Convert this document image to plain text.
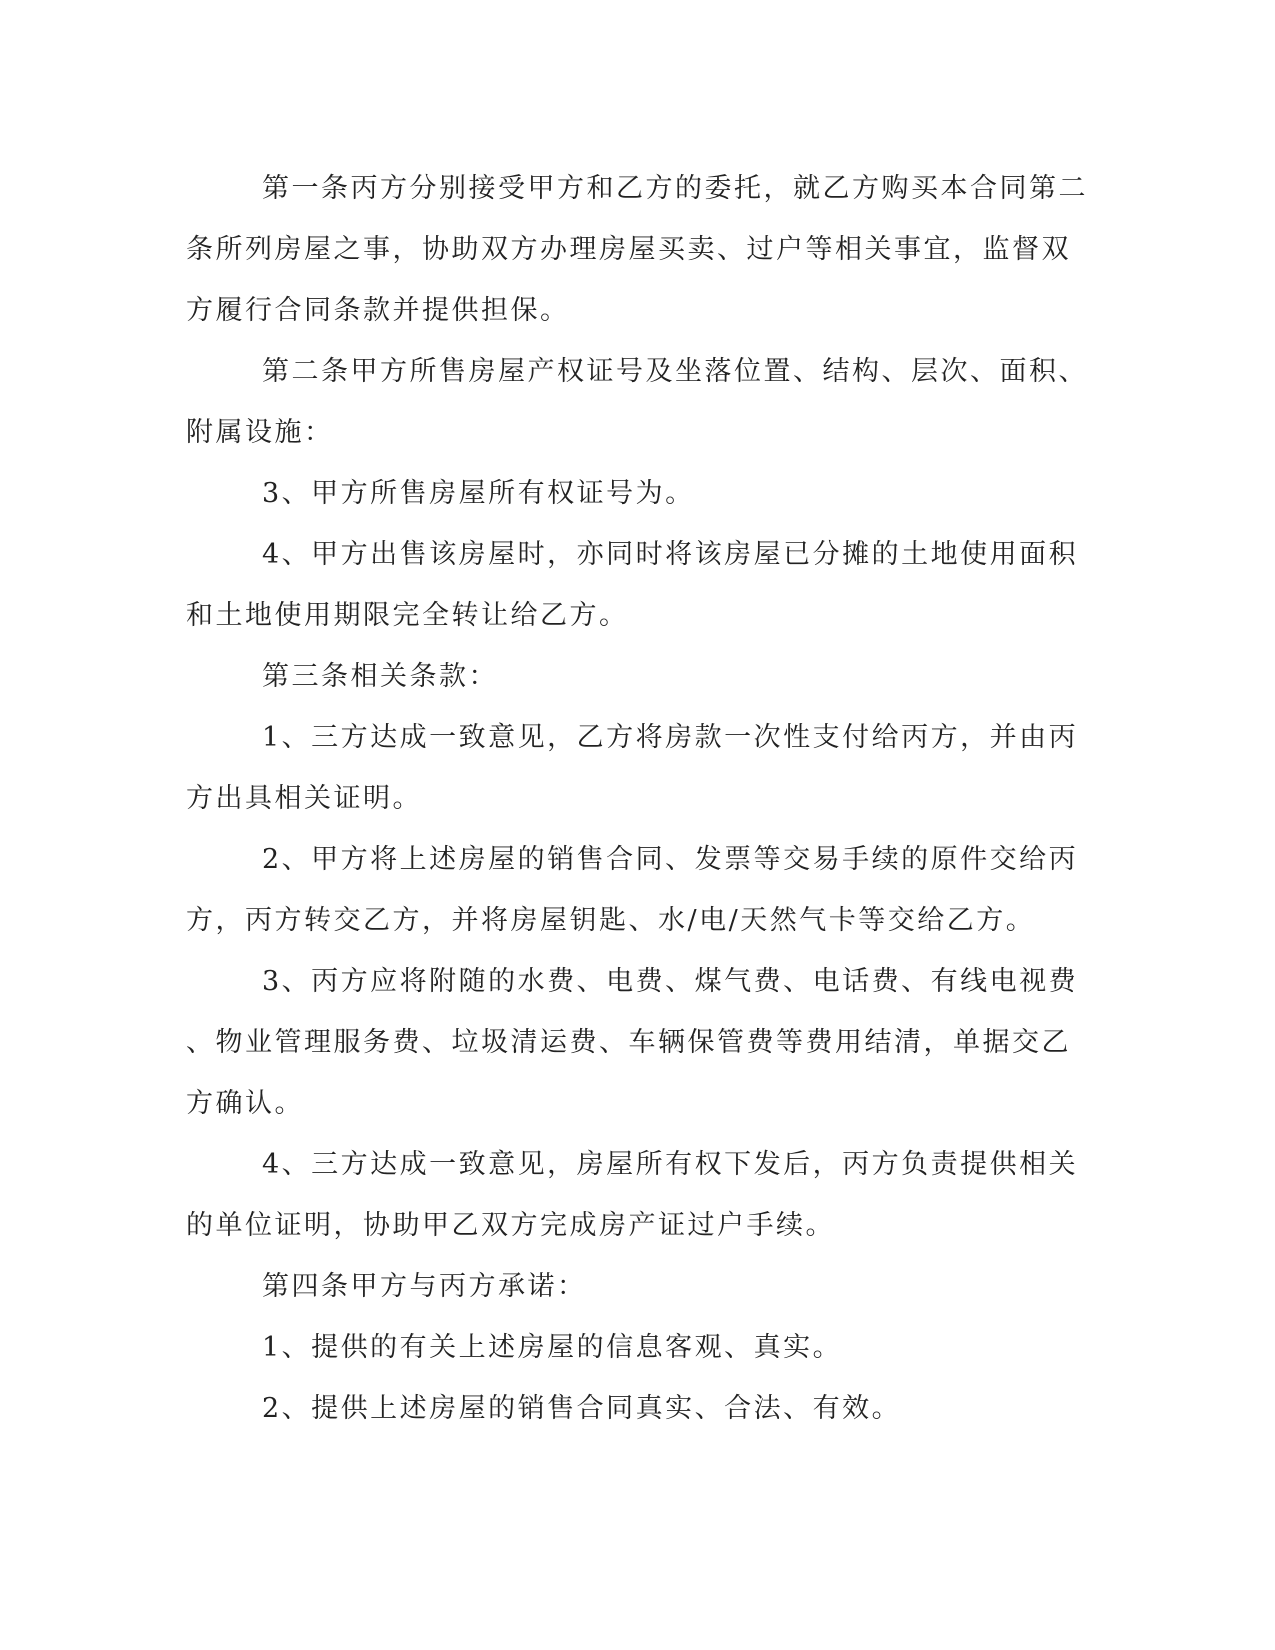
第一条丙方分别接受甲方和乙方的委托，就乙方购买本合同第二
条所列房屋之事，协助双方办理房屋买卖、过户等相关事宜，监督双
方履行合同条款并提供担保。

第二条甲方所售房屋产权证号及坐落位置、结构、层次、面积、
附属设施：

3、甲方所售房屋所有权证号为。

4、甲方出售该房屋时，亦同时将该房屋已分摊的土地使用面积
和土地使用期限完全转让给乙方。

第三条相关条款：

1、三方达成一致意见，乙方将房款一次性支付给丙方，并由丙
方出具相关证明。

2、甲方将上述房屋的销售合同、发票等交易手续的原件交给丙
方，丙方转交乙方，并将房屋钥匙、水/电/天然气卡等交给乙方。

3、丙方应将附随的水费、电费、煤气费、电话费、有线电视费
、物业管理服务费、垃圾清运费、车辆保管费等费用结清，单据交乙
方确认。

4、三方达成一致意见，房屋所有权下发后，丙方负责提供相关
的单位证明，协助甲乙双方完成房产证过户手续。

第四条甲方与丙方承诺：

1、提供的有关上述房屋的信息客观、真实。

2、提供上述房屋的销售合同真实、合法、有效。
